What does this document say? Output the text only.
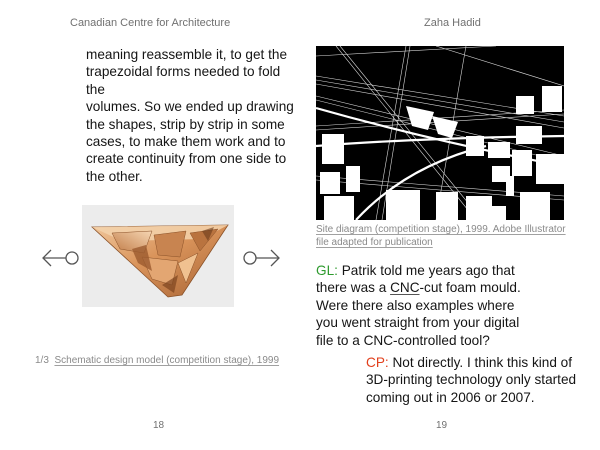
Canadian Centre for Architecture

meaning reassemble it, to get the

trapezoidal forms needed to fold the

volumes. So we ended up drawing

the shapes, strip by strip in some

cases, to make them work and to

create continuity from one side to

the other.

1/3 Schematic design model (competition stage), 1999
18
Zaha Hadid
Site diagram (competition stage), 1999. Adobe Illustrator
file adapted for publication

GL: Patrik told me years ago that

there was a CNC-cut foam mould.

Were there also examples where

you went straight from your digital

file to a CNC-controlled tool?

CP: Not directly. I think this kind of

3D-printing technology only started

coming out in 2006 or 2007.

19
